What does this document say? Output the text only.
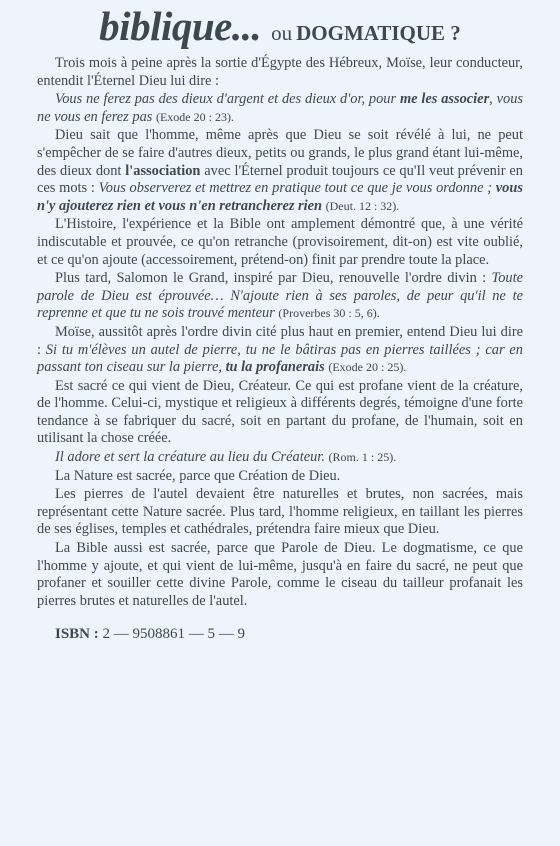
biblique... ou DOGMATIQUE ?

Trois mois à peine après la sortie d'Égypte des Hébreux, Moïse, leur conducteur, entendit l'Éternel Dieu lui dire :

Vous ne ferez pas des dieux d'argent et des dieux d'or, pour me les associer, vous ne vous en ferez pas (Exode 20 : 23).

Dieu sait que l'homme, même après que Dieu se soit révélé à lui, ne peut s'empêcher de se faire d'autres dieux, petits ou grands, le plus grand étant lui-même, des dieux dont l'association avec l'Éternel produit toujours ce qu'Il veut prévenir en ces mots : Vous observerez et mettrez en pratique tout ce que je vous ordonne ; vous n'y ajouterez rien et vous n'en retrancherez rien (Deut. 12 : 32).

L'Histoire, l'expérience et la Bible ont amplement démontré que, à une vérité indiscutable et prouvée, ce qu'on retranche (provisoirement, dit-on) est vite oublié, et ce qu'on ajoute (accessoirement, prétend-on) finit par prendre toute la place.

Plus tard, Salomon le Grand, inspiré par Dieu, renouvelle l'ordre divin : Toute parole de Dieu est éprouvée… N'ajoute rien à ses paroles, de peur qu'il ne te reprenne et que tu ne sois trouvé menteur (Proverbes 30 : 5, 6).

Moïse, aussitôt après l'ordre divin cité plus haut en premier, entend Dieu lui dire : Si tu m'élèves un autel de pierre, tu ne le bâtiras pas en pierres taillées ; car en passant ton ciseau sur la pierre, tu la profanerais (Exode 20 : 25).

Est sacré ce qui vient de Dieu, Créateur. Ce qui est profane vient de la créature, de l'homme. Celui-ci, mystique et religieux à différents degrés, témoigne d'une forte tendance à se fabriquer du sacré, soit en partant du profane, de l'humain, soit en utilisant la chose créée.

Il adore et sert la créature au lieu du Créateur. (Rom. 1 : 25).

La Nature est sacrée, parce que Création de Dieu.

Les pierres de l'autel devaient être naturelles et brutes, non sacrées, mais représentant cette Nature sacrée. Plus tard, l'homme religieux, en taillant les pierres de ses églises, temples et cathédrales, prétendra faire mieux que Dieu.

La Bible aussi est sacrée, parce que Parole de Dieu. Le dogmatisme, ce que l'homme y ajoute, et qui vient de lui-même, jusqu'à en faire du sacré, ne peut que profaner et souiller cette divine Parole, comme le ciseau du tailleur profanait les pierres brutes et naturelles de l'autel.

ISBN : 2 — 9508861 — 5 — 9
